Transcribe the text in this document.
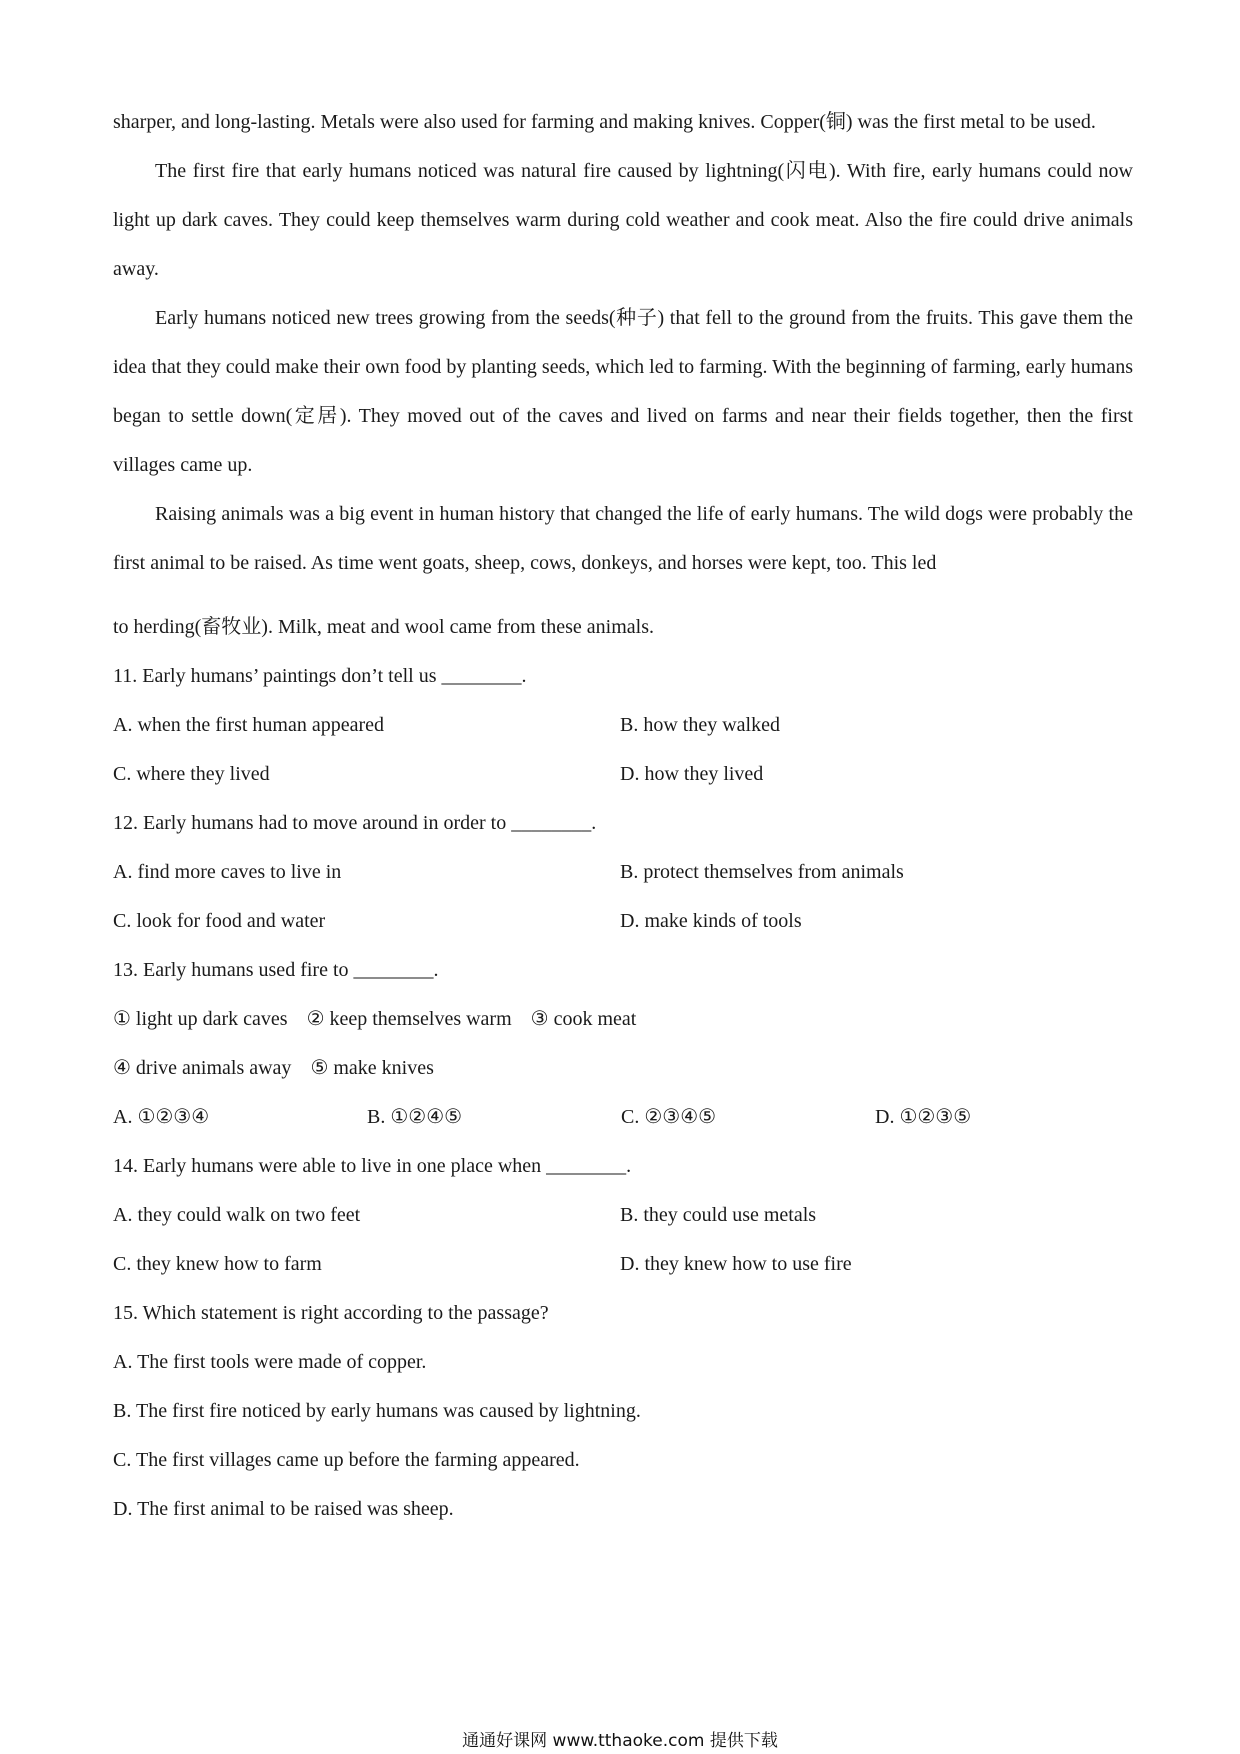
sharper, and long-lasting. Metals were also used for farming and making knives. Copper(铜) was the first metal to be used.
The first fire that early humans noticed was natural fire caused by lightning(闪电). With fire, early humans could now light up dark caves. They could keep themselves warm during cold weather and cook meat. Also the fire could drive animals away.
Early humans noticed new trees growing from the seeds(种子) that fell to the ground from the fruits. This gave them the idea that they could make their own food by planting seeds, which led to farming. With the beginning of farming, early humans began to settle down(定居). They moved out of the caves and lived on farms and near their fields together, then the first villages came up.
Raising animals was a big event in human history that changed the life of early humans. The wild dogs were probably the first animal to be raised. As time went goats, sheep, cows, donkeys, and horses were kept, too. This led
to herding(畜牧业). Milk, meat and wool came from these animals.
11. Early humans’ paintings don’t tell us ________.
A. when the first human appeared	B. how they walked
C. where they lived	D. how they lived
12. Early humans had to move around in order to ________.
A. find more caves to live in	B. protect themselves from animals
C. look for food and water	D. make kinds of tools
13. Early humans used fire to ________.
① light up dark caves ② keep themselves warm ③ cook meat
④ drive animals away ⑤ make knives
A. ①②③④	B. ①②④⑤	C. ②③④⑤	D. ①②③⑤
14. Early humans were able to live in one place when ________.
A. they could walk on two feet	B. they could use metals
C. they knew how to farm	D. they knew how to use fire
15. Which statement is right according to the passage?
A. The first tools were made of copper.
B. The first fire noticed by early humans was caused by lightning.
C. The first villages came up before the farming appeared.
D. The first animal to be raised was sheep.
通通好课网 www.tthaoke.com 提供下载
